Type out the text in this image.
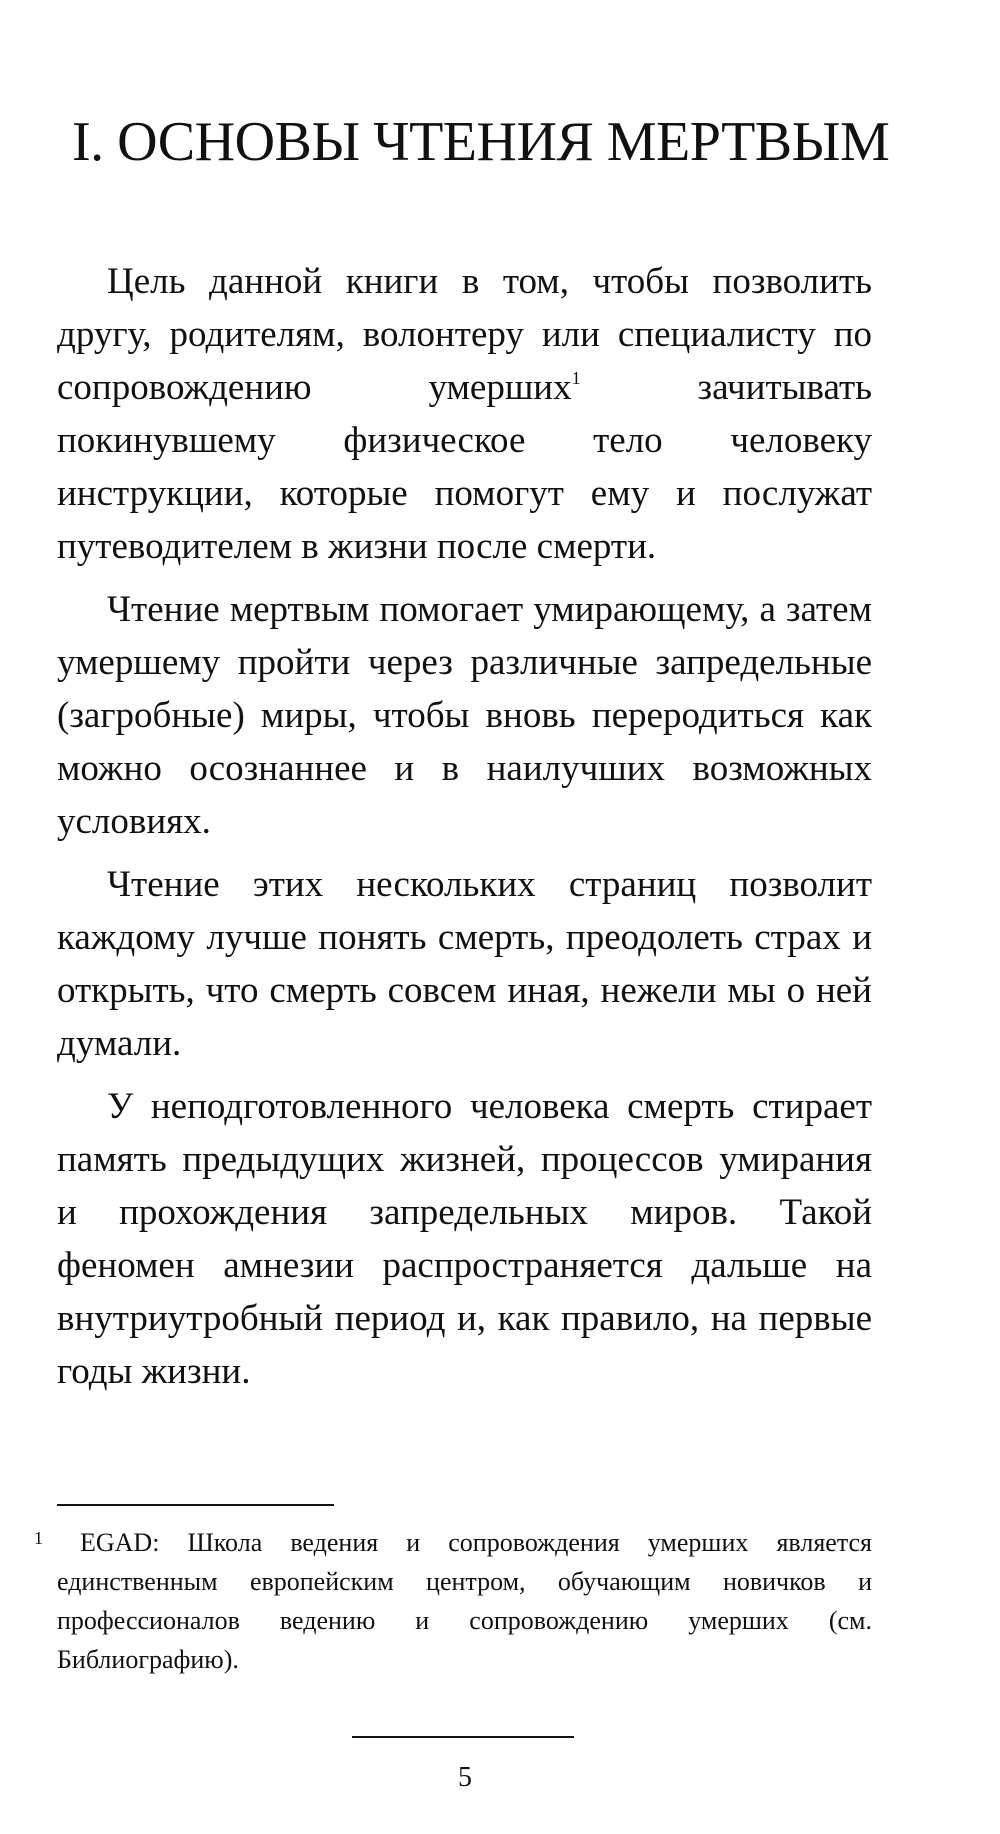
I. ОСНОВЫ ЧТЕНИЯ МЕРТВЫМ

Цель данной книги в том, чтобы позволить другу, родителям, волонтеру или специалисту по сопровождению умерших$^1$ зачитывать покинувшему физическое тело человеку инструкции, которые помогут ему и послужат путеводителем в жизни после смерти.

Чтение мертвым помогает умирающему, а затем умершему пройти через различные запредельные (загробные) миры, чтобы вновь переродиться как можно осознаннее и в наилучших возможных условиях.

Чтение этих нескольких страниц позволит каждому лучше понять смерть, преодолеть страх и открыть, что смерть совсем иная, нежели мы о ней думали.

У неподготовленного человека смерть стирает память предыдущих жизней, процессов умирания и прохождения запредельных миров. Такой феномен амнезии распространяется дальше на внутриутробный период и, как правило, на первые годы жизни.

1 EGAD: Школа ведения и сопровождения умерших является единственным европейским центром, обучающим новичков и профессионалов ведению и сопровождению умерших (см. Библиографию).

5
